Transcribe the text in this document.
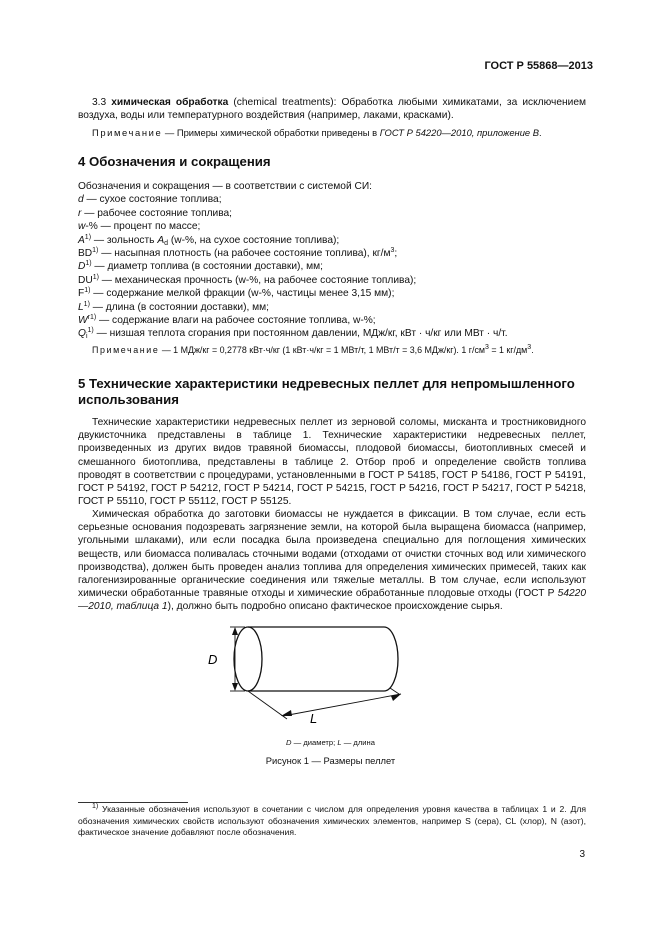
ГОСТ Р 55868—2013
3.3 химическая обработка (chemical treatments): Обработка любыми химикатами, за исключением воздуха, воды или температурного воздействия (например, лаками, красками).
Примечание — Примеры химической обработки приведены в ГОСТ Р 54220—2010, приложение В.
4 Обозначения и сокращения
Обозначения и сокращения — в соответствии с системой СИ:
d — сухое состояние топлива;
r — рабочее состояние топлива;
w-% — процент по массе;
$A^{1)}$ — зольность $A_d$ (w-%, на сухое состояние топлива);
BD$^{1)}$ — насыпная плотность (на рабочее состояние топлива), $кг/м^3$;
$D^{1)}$ — диаметр топлива (в состоянии доставки), мм;
DU$^{1)}$ — механическая прочность (w-%, на рабочее состояние топлива);
$F^{1)}$ — содержание мелкой фракции (w-%, частицы менее 3,15 мм);
$L^{1)}$ — длина (в состоянии доставки), мм;
$W^{r1)}$ — содержание влаги на рабочее состояние топлива, w-%;
$Q_i^{1)}$ — низшая теплота сгорания при постоянном давлении, МДж/кг, кВт · ч/кг или МВт · ч/т.
Примечание — 1 МДж/кг = 0,2778 кВт·ч/кг (1 кВт·ч/кг = 1 МВт/т, 1 МВт/т = 3,6 МДж/кг). 1 $г/см^3 = 1$ $кг/дм^3$.
5 Технические характеристики недревесных пеллет для непромышленного использования
Технические характеристики недревесных пеллет из зерновой соломы, мисканта и тростниковидного двукисточника представлены в таблице 1. Технические характеристики недревесных пеллет, произведенных из других видов травяной биомассы, плодовой биомассы, биотопливных смесей и смешанного биотоплива, представлены в таблице 2. Отбор проб и определение свойств топлива проводят в соответствии с процедурами, установленными в ГОСТ Р 54185, ГОСТ Р 54186, ГОСТ Р 54191, ГОСТ Р 54192, ГОСТ Р 54212, ГОСТ Р 54214, ГОСТ Р 54215, ГОСТ Р 54216, ГОСТ Р 54217, ГОСТ Р 54218, ГОСТ Р 55110, ГОСТ Р 55112, ГОСТ Р 55125.
Химическая обработка до заготовки биомассы не нуждается в фиксации. В том случае, если есть серьезные основания подозревать загрязнение земли, на которой была выращена биомасса (например, угольными шлаками), или если посадка была произведена специально для поглощения химических веществ, или биомасса поливалась сточными водами (отходами от очистки сточных вод или химического производства), должен быть проведен анализ топлива для определения химических примесей, таких как галогенизированные органические соединения или тяжелые металлы. В том случае, если используют химически обработанные травяные отходы и химические обработанные плодовые отходы (ГОСТ Р 54220—2010, таблица 1), должно быть подробно описано фактическое происхождение сырья.
D
L
D — диаметр; L — длина
Рисунок 1 — Размеры пеллет
$^{1)}$ Указанные обозначения используют в сочетании с числом для определения уровня качества в таблицах 1 и 2. Для обозначения химических свойств используют обозначения химических элементов, например S (сера), CL (хлор), N (азот), фактическое значение добавляют после обозначения.
3
